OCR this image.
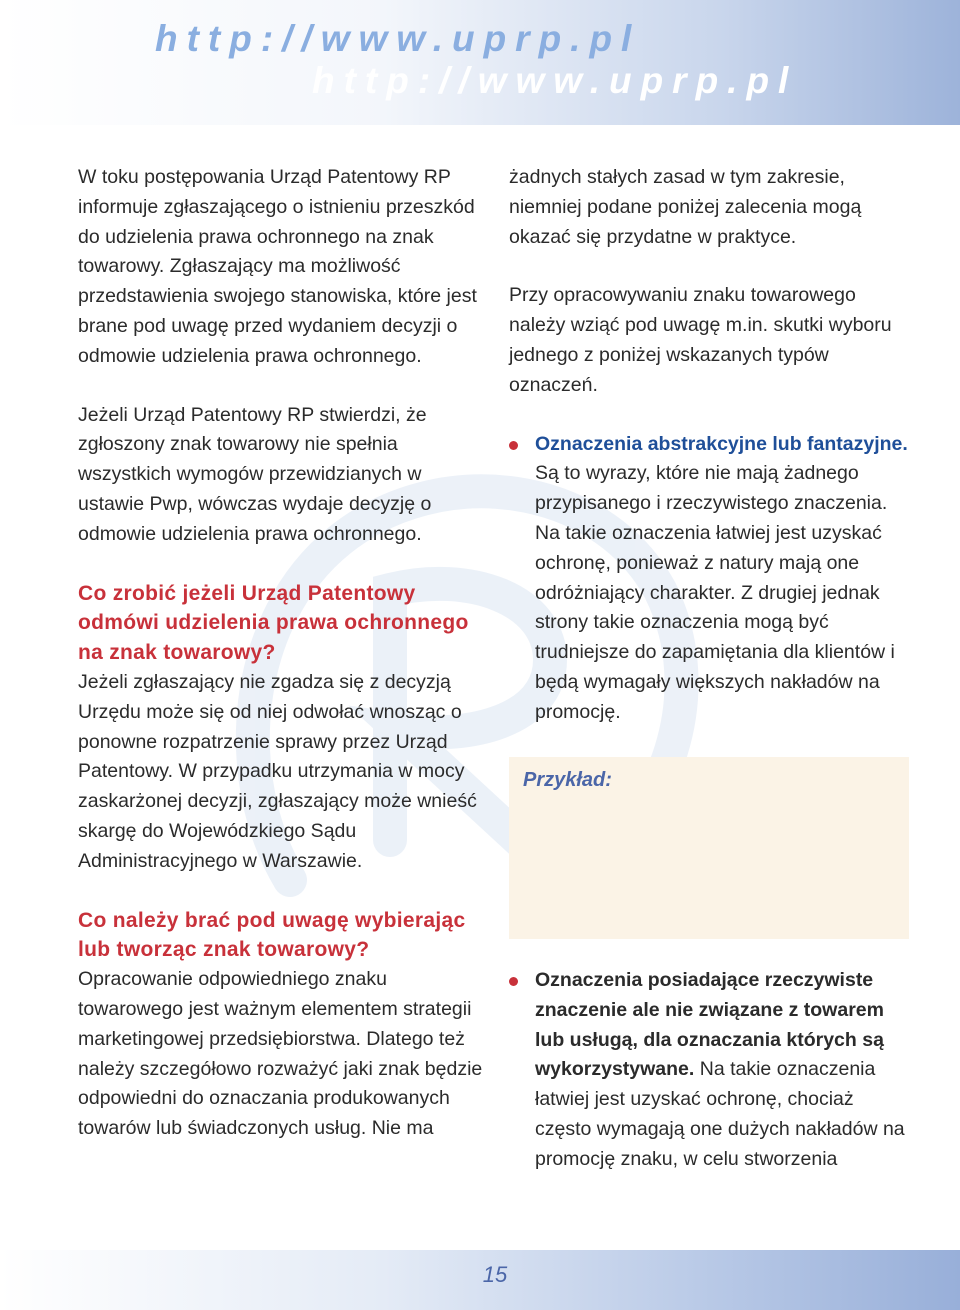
http://www.uprp.pl
http://www.uprp.pl

W toku postępowania Urząd Patentowy RP informuje zgłaszającego o istnieniu przeszkód do udzielenia prawa ochronnego na znak towarowy. Zgłaszający ma możliwość przedstawienia swojego stanowiska, które jest brane pod uwagę przed wydaniem decyzji o odmowie udzielenia prawa ochronnego.

Jeżeli Urząd Patentowy RP stwierdzi, że zgłoszony znak towarowy nie spełnia wszystkich wymogów przewidzianych w ustawie Pwp, wówczas wydaje decyzję o odmowie udzielenia prawa ochronnego.

Co zrobić jeżeli Urząd Patentowy odmówi udzielenia prawa ochronnego na znak towarowy?

Jeżeli zgłaszający nie zgadza się z decyzją Urzędu może się od niej odwołać wnosząc o ponowne rozpatrzenie sprawy przez Urząd Patentowy. W przypadku utrzymania w mocy zaskarżonej decyzji, zgłaszający może wnieść skargę do Wojewódzkiego Sądu Administracyjnego w Warszawie.

Co należy brać pod uwagę wybierając lub tworząc znak towarowy?

Opracowanie odpowiedniego znaku towarowego jest ważnym elementem strategii marketingowej przedsiębiorstwa. Dlatego też należy szczegółowo rozważyć jaki znak będzie odpowiedni do oznaczania produkowanych towarów lub świadczonych usług. Nie ma

żadnych stałych zasad w tym zakresie, niemniej podane poniżej zalecenia mogą okazać się przydatne w praktyce.

Przy opracowywaniu znaku towarowego należy wziąć pod uwagę m.in. skutki wyboru jednego z poniżej wskazanych typów oznaczeń.

Oznaczenia abstrakcyjne lub fantazyjne. Są to wyrazy, które nie mają żadnego przypisanego i rzeczywistego znaczenia. Na takie oznaczenia łatwiej jest uzyskać ochronę, ponieważ z natury mają one odróżniający charakter. Z drugiej jednak strony takie oznaczenia mogą być trudniejsze do zapamiętania dla klientów i będą wymagały większych nakładów na promocję.

Przykład:

Oznaczenia posiadające rzeczywiste znaczenie ale nie związane z towarem lub usługą, dla oznaczania których są wykorzystywane. Na takie oznaczenia łatwiej jest uzyskać ochronę, chociaż często wymagają one dużych nakładów na promocję znaku, w celu stworzenia

15
